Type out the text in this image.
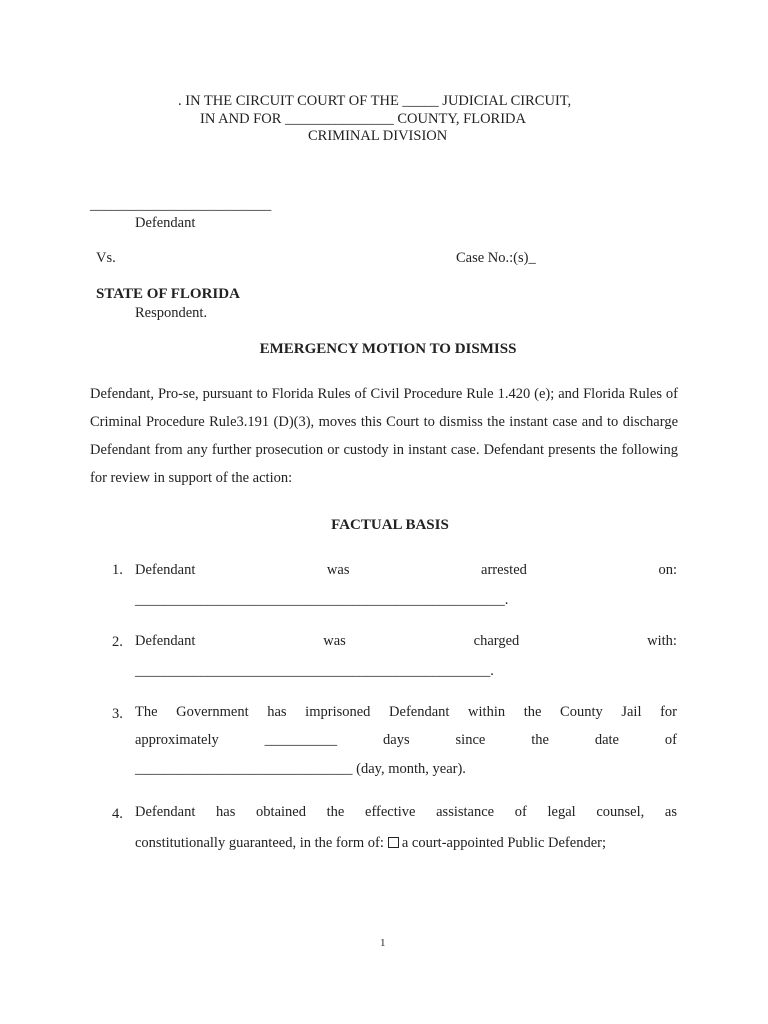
. IN THE CIRCUIT COURT OF THE _____ JUDICIAL CIRCUIT,
IN AND FOR _______________ COUNTY, FLORIDA
CRIMINAL DIVISION
_________________________
Defendant
Vs.	Case No.:(s)_
STATE OF FLORIDA
Respondent.
EMERGENCY MOTION TO DISMISS
Defendant, Pro-se, pursuant to Florida Rules of Civil Procedure Rule 1.420 (e); and Florida Rules of Criminal Procedure Rule3.191 (D)(3), moves this Court to dismiss the instant case and to discharge Defendant from any further prosecution or custody in instant case. Defendant presents the following for review in support of the action:
FACTUAL BASIS
1. Defendant	was	arrested	on:
___________________________________________________.
2. Defendant	was	charged	with:
_________________________________________________.
3. The Government has imprisoned Defendant within the County Jail for
approximately	__________	days	since	the	date	of
______________________________ (day, month, year).
4. Defendant has obtained the effective assistance of legal counsel, as
constitutionally guaranteed, in the form of: a court-appointed Public Defender;
1
